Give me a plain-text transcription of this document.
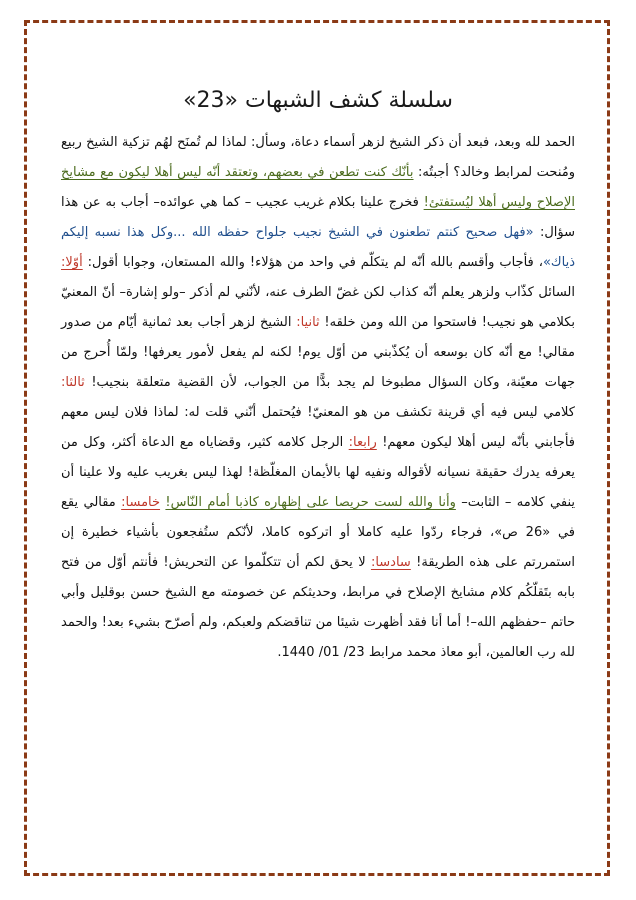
سلسلة كشف الشبهات «23»

الحمد لله وبعد، فبعد أن ذكر الشيخ لزهر أسماء دعاة، وسأل: لماذا لم تُمنَح لهُم تزكية الشيخ ربيع ومُنحت لمرابط وخالد؟ أجبتُه: بأنّك كنت تطعن في بعضهم، وتعتقد أنّه ليس أهلا ليكون مع مشايخ الإصلاح وليس أهلا ليُستفتئ! فخرج علينا بكلام غريب عجيب – كما هي عوائده– أجاب به عن هذا سؤال: «فهل صحيح كنتم تطعنون في الشيخ نجيب جلواح حفظه الله ...وكل هذا نسبه إليكم ذياك»، فأجاب وأقسم بالله أنّه لم يتكلّم في واحد من هؤلاء! والله المستعان، وجوابا أقول: أوّلا: السائل كذّاب ولزهر يعلم أنّه كذاب لكن غضّ الطرف عنه، لأنّني لم أذكر –ولو إشارة– أنّ المعنيّ بكلامي هو نجيب! فاستحوا من الله ومن خلقه! ثانيا: الشيخ لزهر أجاب بعد ثمانية أيّام من صدور مقالي! مع أنّه كان بوسعه أن يُكذّبني من أوّل يوم! لكنه لم يفعل لأمور يعرفها! ولمّا أُحرج من جهات معيّنة، وكان السؤال مطبوخا لم يجد بدًّا من الجواب، لأن القضية متعلقة بنجيب! ثالثا: كلامي ليس فيه أي قرينة تكشف من هو المعنيّ! فيُحتمل أنّني قلت له: لماذا فلان ليس معهم فأجابني بأنّه ليس أهلا ليكون معهم! رابعا: الرجل كلامه كثير، وقضاياه مع الدعاة أكثر، وكل من يعرفه يدرك حقيقة نسيانه لأقواله ونفيه لها بالأيمان المغلّظة! لهذا ليس بغريب عليه ولا علينا أن ينفي كلامه – الثابت– وأنا والله لست حريصا على إظهاره كاذبا أمام النّاس! خامسا: مقالي يقع في «26 ص»، فرجاء ردّوا عليه كاملا أو اتركوه كاملا، لأنّكم ستُفجعون بأشياء خطيرة إن استمررتم على هذه الطريقة! سادسا: لا يحق لكم أن تتكلّموا عن التحريش! فأنتم أوّل من فتح بابه بتَقلّكُم كلام مشايخ الإصلاح في مرابط، وحديثكم عن خصومته مع الشيخ حسن بوقليل وأبي حاتم –حفظهم الله–! أما أنا فقد أظهرت شيئا من تناقضكم ولعبكم، ولم أصرّح بشيء بعد! والحمد لله رب العالمين، أبو معاذ محمد مرابط 23/ 01/ 1440.
